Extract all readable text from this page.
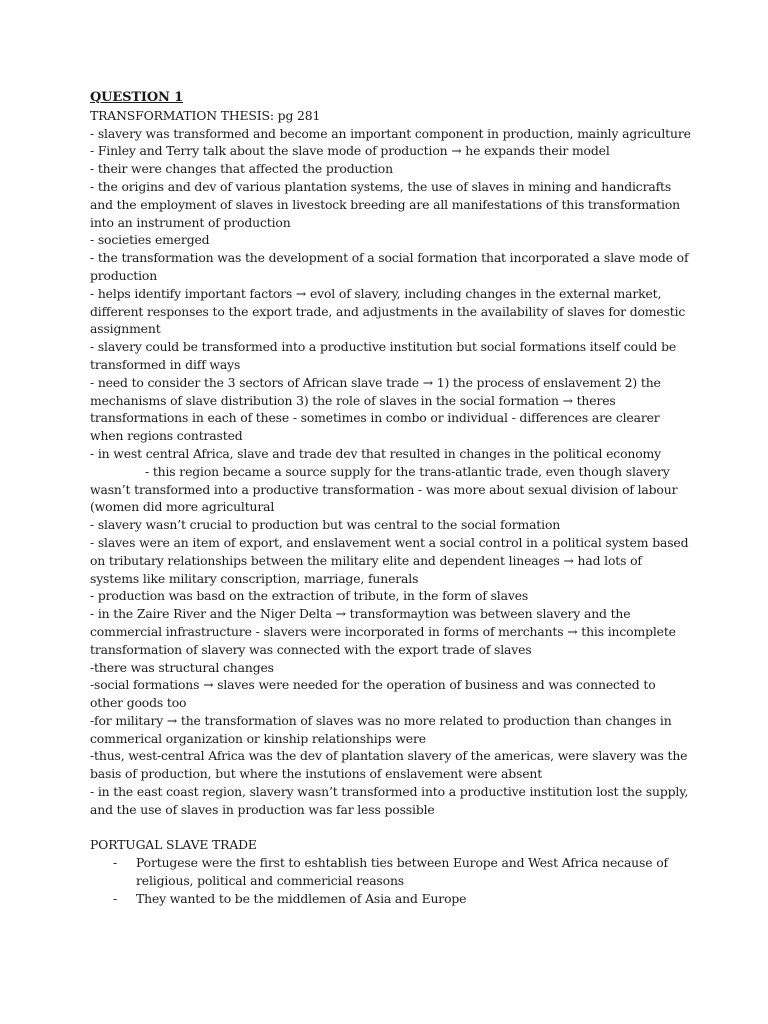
QUESTION 1
TRANSFORMATION THESIS: pg 281
- slavery was transformed and become an important component in production, mainly agriculture
- Finley and Terry talk about the slave mode of production → he expands their model
- their were changes that affected the production
- the origins and dev of various plantation systems, the use of slaves in mining and handicrafts
and the employment of slaves in livestock breeding are all manifestations of this transformation
into an instrument of production
- societies emerged
- the transformation was the development of a social formation that incorporated a slave mode of
production
- helps identify important factors → evol of slavery, including changes in the external market,
different responses to the export trade, and adjustments in the availability of slaves for domestic
assignment
- slavery could be transformed into a productive institution but social formations itself could be
transformed in diff ways
- need to consider the 3 sectors of African slave trade → 1) the process of enslavement 2) the
mechanisms of slave distribution 3) the role of slaves in the social formation → theres
transformations in each of these - sometimes in combo or individual - differences are clearer
when regions contrasted
- in west central Africa, slave and trade dev that resulted in changes in the political economy
- this region became a source supply for the trans-atlantic trade, even though slavery
wasn’t transformed into a productive transformation - was more about sexual division of labour
(women did more agricultural
- slavery wasn’t crucial to production but was central to the social formation
- slaves were an item of export, and enslavement went a social control in a political system based
on tributary relationships between the military elite and dependent lineages → had lots of
systems like military conscription, marriage, funerals
- production was basd on the extraction of tribute, in the form of slaves
- in the Zaire River and the Niger Delta → transformaytion was between slavery and the
commercial infrastructure - slavers were incorporated in forms of merchants → this incomplete
transformation of slavery was connected with the export trade of slaves
-there was structural changes
-social formations → slaves were needed for the operation of business and was connected to
other goods too
-for military → the transformation of slaves was no more related to production than changes in
commerical organization or kinship relationships were
-thus, west-central Africa was the dev of plantation slavery of the americas, were slavery was the
basis of production, but where the instutions of enslavement were absent
- in the east coast region, slavery wasn’t transformed into a productive institution lost the supply,
and the use of slaves in production was far less possible
PORTUGAL SLAVE TRADE
-	Portugese were the first to eshtablish ties between Europe and West Africa necause of
religious, political and commericial reasons
-	They wanted to be the middlemen of Asia and Europe
